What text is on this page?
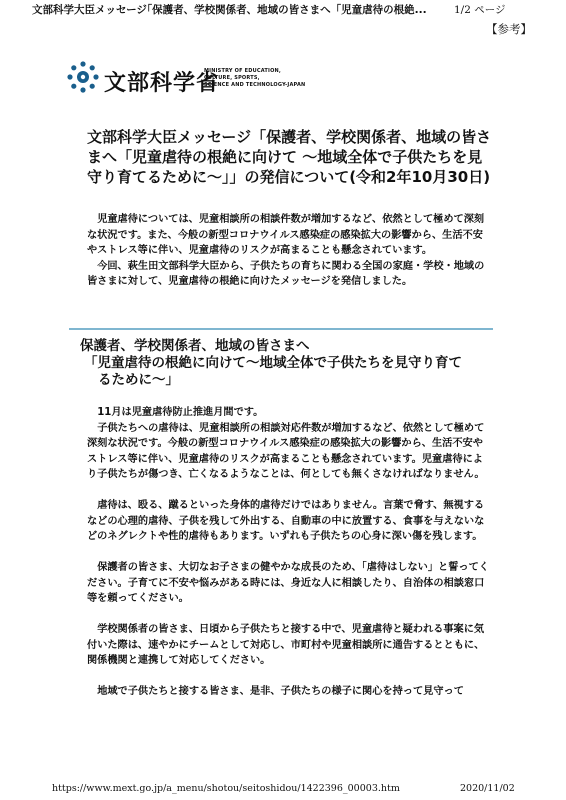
文部科学大臣メッセージ｢保護者、学校関係者、地域の皆さまへ「児童虐待の根絶...	1/2 ページ
【参考】
文部科学省
MINISTRY OF EDUCATION,
CULTURE, SPORTS,
SCIENCE AND TECHNOLOGY-JAPAN
文部科学大臣メッセージ「保護者、学校関係者、地域の皆さまへ「児童虐待の根絶に向けて ～地域全体で子供たちを見守り育てるために～」」の発信について(令和2年10月30日)

児童虐待については、児童相談所の相談件数が増加するなど、依然として極めて深刻な状況です。また、今般の新型コロナウイルス感染症の感染拡大の影響から、生活不安やストレス等に伴い、児童虐待のリスクが高まることも懸念されています。

今回、萩生田文部科学大臣から、子供たちの育ちに関わる全国の家庭・学校・地域の皆さまに対して、児童虐待の根絶に向けたメッセージを発信しました。

保護者、学校関係者、地域の皆さまへ
「児童虐待の根絶に向けて～地域全体で子供たちを見守り育て
るために～」

11月は児童虐待防止推進月間です。

子供たちへの虐待は、児童相談所の相談対応件数が増加するなど、依然として極めて深刻な状況です。今般の新型コロナウイルス感染症の感染拡大の影響から、生活不安やストレス等に伴い、児童虐待のリスクが高まることも懸念されています。児童虐待により子供たちが傷つき、亡くなるようなことは、何としても無くさなければなりません。

虐待は、殴る、蹴るといった身体的虐待だけではありません。言葉で脅す、無視するなどの心理的虐待、子供を残して外出する、自動車の中に放置する、食事を与えないなどのネグレクトや性的虐待もあります。いずれも子供たちの心身に深い傷を残します。

保護者の皆さま、大切なお子さまの健やかな成長のため、「虐待はしない」と誓ってください。子育てに不安や悩みがある時には、身近な人に相談したり、自治体の相談窓口等を頼ってください。

学校関係者の皆さま、日頃から子供たちと接する中で、児童虐待と疑われる事案に気付いた際は、速やかにチームとして対応し、市町村や児童相談所に通告するとともに、関係機関と連携して対応してください。

地域で子供たちと接する皆さま、是非、子供たちの様子に関心を持って見守って

https://www.mext.go.jp/a_menu/shotou/seitoshidou/1422396_00003.htm	2020/11/02
